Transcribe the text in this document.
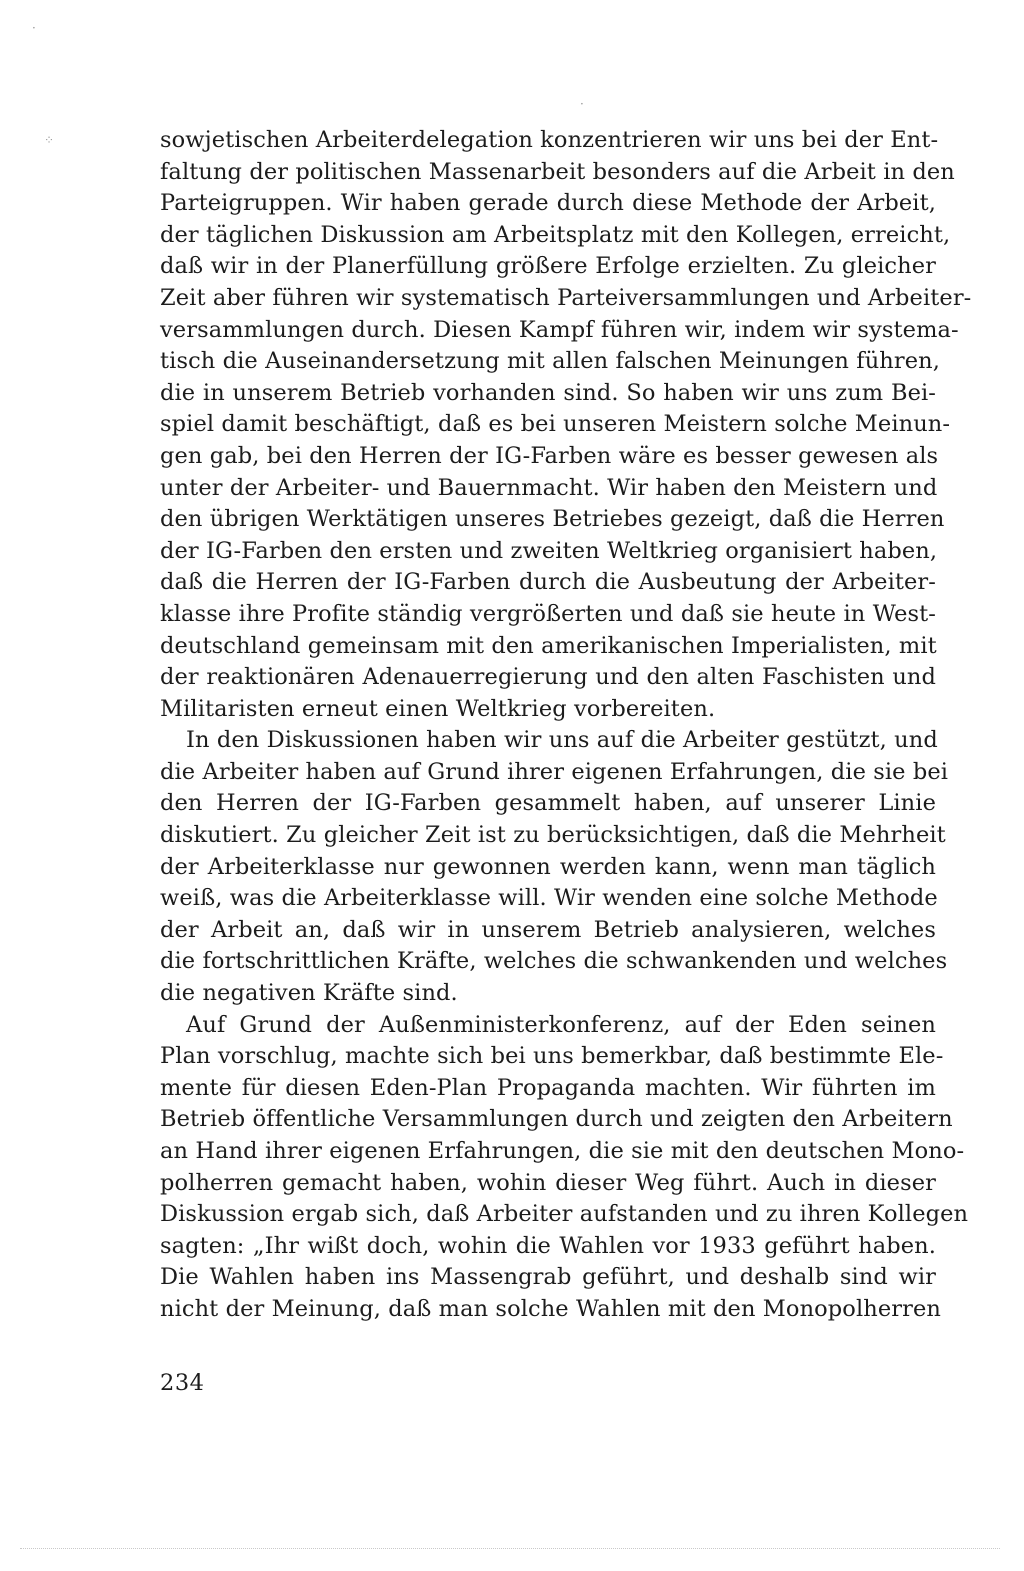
⁘
·
·
sowjetischen Arbeiterdelegation konzentrieren wir uns bei der Ent-
faltung der politischen Massenarbeit besonders auf die Arbeit in den
Parteigruppen. Wir haben gerade durch diese Methode der Arbeit,
der täglichen Diskussion am Arbeitsplatz mit den Kollegen, erreicht,
daß wir in der Planerfüllung größere Erfolge erzielten. Zu gleicher
Zeit aber führen wir systematisch Parteiversammlungen und Arbeiter-
versammlungen durch. Diesen Kampf führen wir, indem wir systema-
tisch die Auseinandersetzung mit allen falschen Meinungen führen,
die in unserem Betrieb vorhanden sind. So haben wir uns zum Bei-
spiel damit beschäftigt, daß es bei unseren Meistern solche Meinun-
gen gab, bei den Herren der IG-Farben wäre es besser gewesen als
unter der Arbeiter- und Bauernmacht. Wir haben den Meistern und
den übrigen Werktätigen unseres Betriebes gezeigt, daß die Herren
der IG-Farben den ersten und zweiten Weltkrieg organisiert haben,
daß die Herren der IG-Farben durch die Ausbeutung der Arbeiter-
klasse ihre Profite ständig vergrößerten und daß sie heute in West-
deutschland gemeinsam mit den amerikanischen Imperialisten, mit
der reaktionären Adenauerregierung und den alten Faschisten und
Militaristen erneut einen Weltkrieg vorbereiten.
In den Diskussionen haben wir uns auf die Arbeiter gestützt, und
die Arbeiter haben auf Grund ihrer eigenen Erfahrungen, die sie bei
den Herren der IG-Farben gesammelt haben, auf unserer Linie
diskutiert. Zu gleicher Zeit ist zu berücksichtigen, daß die Mehrheit
der Arbeiterklasse nur gewonnen werden kann, wenn man täglich
weiß, was die Arbeiterklasse will. Wir wenden eine solche Methode
der Arbeit an, daß wir in unserem Betrieb analysieren, welches
die fortschrittlichen Kräfte, welches die schwankenden und welches
die negativen Kräfte sind.
Auf Grund der Außenministerkonferenz, auf der Eden seinen
Plan vorschlug, machte sich bei uns bemerkbar, daß bestimmte Ele-
mente für diesen Eden-Plan Propaganda machten. Wir führten im
Betrieb öffentliche Versammlungen durch und zeigten den Arbeitern
an Hand ihrer eigenen Erfahrungen, die sie mit den deutschen Mono-
polherren gemacht haben, wohin dieser Weg führt. Auch in dieser
Diskussion ergab sich, daß Arbeiter aufstanden und zu ihren Kollegen
sagten: „Ihr wißt doch, wohin die Wahlen vor 1933 geführt haben.
Die Wahlen haben ins Massengrab geführt, und deshalb sind wir
nicht der Meinung, daß man solche Wahlen mit den Monopolherren
234
